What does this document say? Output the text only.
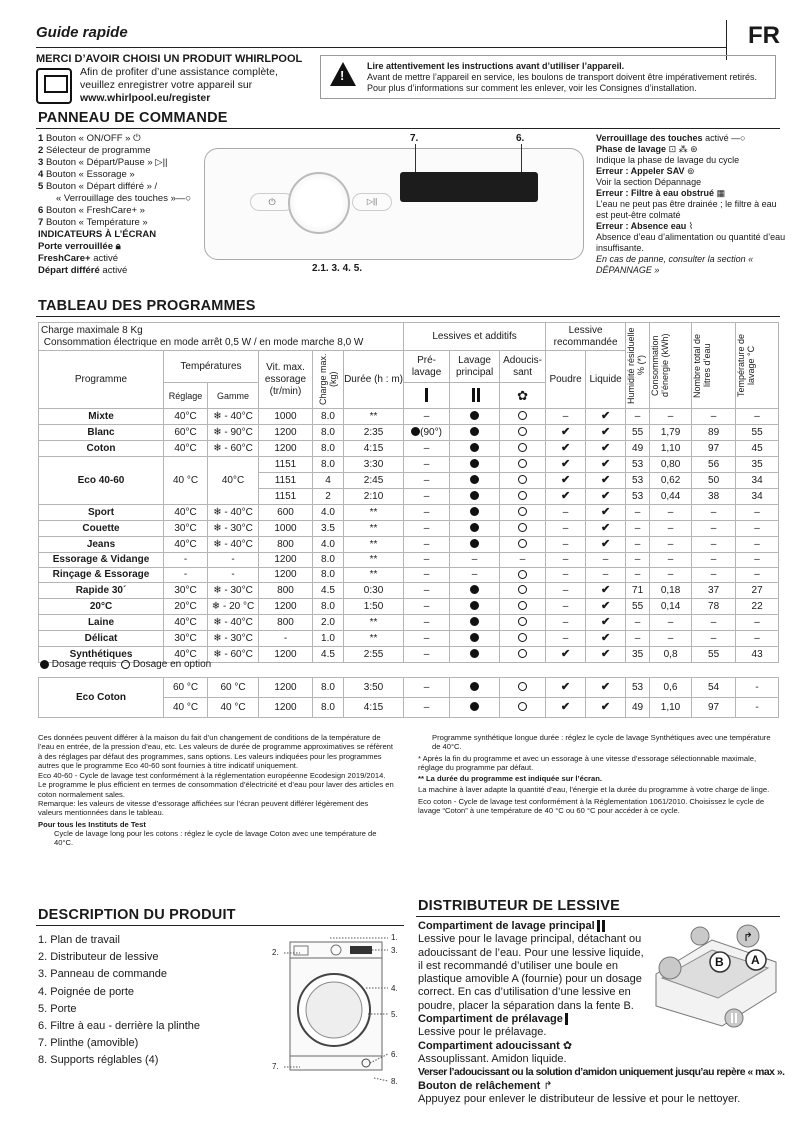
Guide rapide	FR
MERCI D’AVOIR CHOISI UN PRODUIT WHIRLPOOL
Afin de profiter d’une assistance complète, veuillez enregistrer votre appareil sur www.whirlpool.eu/register
!
Lire attentivement les instructions avant d’utiliser l’appareil.
Avant de mettre l’appareil en service, les boulons de transport doivent être impérativement retirés. Pour plus d’informations sur comment les enlever, voir les Consignes d’installation.
PANNEAU DE COMMANDE
1 Bouton « ON/OFF » ⏻
2 Sélecteur de programme
3 Bouton « Départ/Pause » ▷||
4 Bouton « Essorage »
5 Bouton « Départ différé » /
« Verrouillage des touches »—○
6 Bouton « FreshCare+ »
7 Bouton « Température »
INDICATEURS À L’ÉCRAN
Porte verrouillée 🔒︎
FreshCare+ activé
Départ différé activé
⏻	▷||
7.	6.
2.1. 3. 4. 5.
Verrouillage des touches activé —○
Phase de lavage ⊡ ⁂ ⊛
Indique la phase de lavage du cycle
Erreur : Appeler SAV ⊚
Voir la section Dépannage
Erreur : Filtre à eau obstrué ▦
L’eau ne peut pas être drainée ; le filtre à eau est peut-être colmaté
Erreur : Absence eau ⌇
Absence d’eau d’alimentation ou quantité d’eau insuffisante.
En cas de panne, consulter la section « DÉPANNAGE »
TABLEAU DES PROGRAMMES
Charge maximale 8 Kg
Consommation électrique en mode arrêt 0,5 W / en mode marche 8,0 W						Lessives et additifs			Lessive recommandée		Humidité résiduelle % (*)	Consommation d’énergie (kWh)	Nombre total de litres d’eau	Température de lavage °C

Programme	Températures		Vit. max. essorage (tr/min)	Charge max. (kg)	Durée (h : m)	Pré-lavage	Lavage principal	Adoucis-sant	Poudre	Liquide				
	Réglage	Gamme						✿						
Mixte	40°C	❄ - 40°C	1000	8.0	**	–			–	✔	–	–	–	–
Blanc	60°C	❄ - 90°C	1200	8.0	2:35	(90°)			✔	✔	55	1,79	89	55
Coton	40°C	❄ - 60°C	1200	8.0	4:15	–			✔	✔	49	1,10	97	45
Eco 40-60	40 °C	40°C	1151	8.0	3:30	–			✔	✔	53	0,80	56	35
			1151	4	2:45	–			✔	✔	53	0,62	50	34
			1151	2	2:10	–			✔	✔	53	0,44	38	34
Sport	40°C	❄ - 40°C	600	4.0	**	–			–	✔	–	–	–	–
Couette	30°C	❄ - 30°C	1000	3.5	**	–			–	✔	–	–	–	–
Jeans	40°C	❄ - 40°C	800	4.0	**	–			–	✔	–	–	–	–
Essorage & Vidange	-	-	1200	8.0	**	–	–	–	–	–	–	–	–	–
Rinçage & Essorage	-	-	1200	8.0	**	–	–		–	–	–	–	–	–
Rapide 30´	30°C	❄ - 30°C	800	4.5	0:30	–			–	✔	71	0,18	37	27
20°C	20°C	❄ - 20 °C	1200	8.0	1:50	–			–	✔	55	0,14	78	22
Laine	40°C	❄ - 40°C	800	2.0	**	–			–	✔	–	–	–	–
Délicat	30°C	❄ - 30°C	-	1.0	**	–			–	✔	–	–	–	–
Synthétiques	40°C	❄ - 60°C	1200	4.5	2:55	–			✔	✔	35	0,8	55	43
Dosage requis Dosage en option
Eco Coton	60 °C	60 °C	1200	8.0	3:50	–			✔	✔	53	0,6	54	-
	40 °C	40 °C	1200	8.0	4:15	–			✔	✔	49	1,10	97	-
Ces données peuvent différer à la maison du fait d’un changement de conditions de la température de l’eau en entrée, de la pression d’eau, etc. Les valeurs de durée de programme approximatives se réfèrent à des réglages par défaut des programmes, sans options. Les valeurs indiquées pour les programmes autres que le programme Eco 40-60 sont fournies à titre indicatif uniquement.
Eco 40-60 - Cycle de lavage test conformément à la réglementation européenne Ecodesign 2019/2014. Le programme le plus efficient en termes de consommation d’électricité et d’eau pour laver des articles en coton normalement sales.
Remarque: les valeurs de vitesse d’essorage affichées sur l’écran peuvent différer légèrement des valeurs mentionnées dans le tableau.
Pour tous les Instituts de Test
Cycle de lavage long pour les cotons : réglez le cycle de lavage Coton avec une température de 40°C.
Programme synthétique longue durée : réglez le cycle de lavage Synthétiques avec une température de 40°C.
* Après la fin du programme et avec un essorage à une vitesse d’essorage sélectionnable maximale, réglage du programme par défaut.
** La durée du programme est indiquée sur l’écran.
La machine à laver adapte la quantité d’eau, l’énergie et la durée du programme à votre charge de linge.
Eco coton - Cycle de lavage test conformément à la Réglementation 1061/2010. Choisissez le cycle de lavage “Coton” à une température de 40 °C ou 60 °C pour accéder à ce cycle.
DESCRIPTION DU PRODUIT
1. Plan de travail
2. Distributeur de lessive
3. Panneau de commande
4. Poignée de porte
5. Porte
6. Filtre à eau - derrière la plinthe
7. Plinthe (amovible)
8. Supports réglables (4)
1.
2.	3.
4.
5.
6.
7.
8.
DISTRIBUTEUR DE LESSIVE
Compartiment de lavage principal
Lessive pour le lavage principal, détachant ou adoucissant de l’eau. Pour une lessive liquide, il est recommandé d’utiliser une boule en plastique amovible A (fournie) pour un dosage correct. En cas d’utilisation d’une lessive en poudre, placer la séparation dans la fente B.
Compartiment de prélavage
Lessive pour le prélavage.
Compartiment adoucissant ✿
Assouplissant. Amidon liquide.
Verser l’adoucissant ou la solution d’amidon uniquement jusqu’au repère « max ».
Bouton de relâchement ↱
Appuyez pour enlever le distributeur de lessive et pour le nettoyer.
↱
B A
